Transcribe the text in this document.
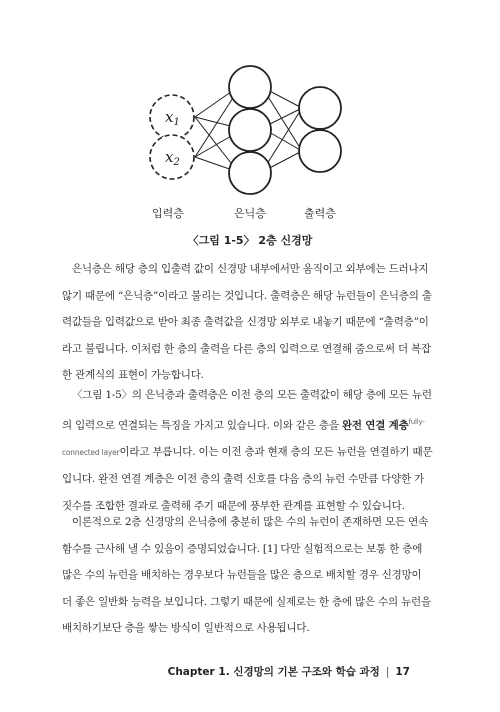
$x_1$
$x_2$
입력층	은닉층	출력층
〈그림 1-5〉 2층 신경망

은닉층은 해당 층의 입출력 값이 신경망 내부에서만 움직이고 외부에는 드러나지
않기 때문에 “은닉층”이라고 불리는 것입니다. 출력층은 해당 뉴런들이 은닉층의 출
력값들을 입력값으로 받아 최종 출력값을 신경망 외부로 내놓기 때문에 “출력층”이
라고 불립니다. 이처럼 한 층의 출력을 다른 층의 입력으로 연결해 줌으로써 더 복잡
한 관계식의 표현이 가능합니다.

〈그림 1-5〉의 은닉층과 출력층은 이전 층의 모든 출력값이 해당 층에 모든 뉴런
의 입력으로 연결되는 특징을 가지고 있습니다. 이와 같은 층을 완전 연결 계층$^{fully-}$
connected layer이라고 부릅니다. 이는 이전 층과 현재 층의 모든 뉴런을 연결하기 때문
입니다. 완전 연결 계층은 이전 층의 출력 신호를 다음 층의 뉴런 수만큼 다양한 가
짓수를 조합한 결과로 출력해 주기 때문에 풍부한 관계를 표현할 수 있습니다.

이론적으로 2층 신경망의 은닉층에 충분히 많은 수의 뉴런이 존재하면 모든 연속
함수를 근사해 낼 수 있음이 증명되었습니다. [1] 다만 실험적으로는 보통 한 층에
많은 수의 뉴런을 배치하는 경우보다 뉴런들을 많은 층으로 배치할 경우 신경망이
더 좋은 일반화 능력을 보입니다. 그렇기 때문에 실제로는 한 층에 많은 수의 뉴런을
배치하기보단 층을 쌓는 방식이 일반적으로 사용됩니다.

Chapter 1. 신경망의 기본 구조와 학습 과정 | 17
